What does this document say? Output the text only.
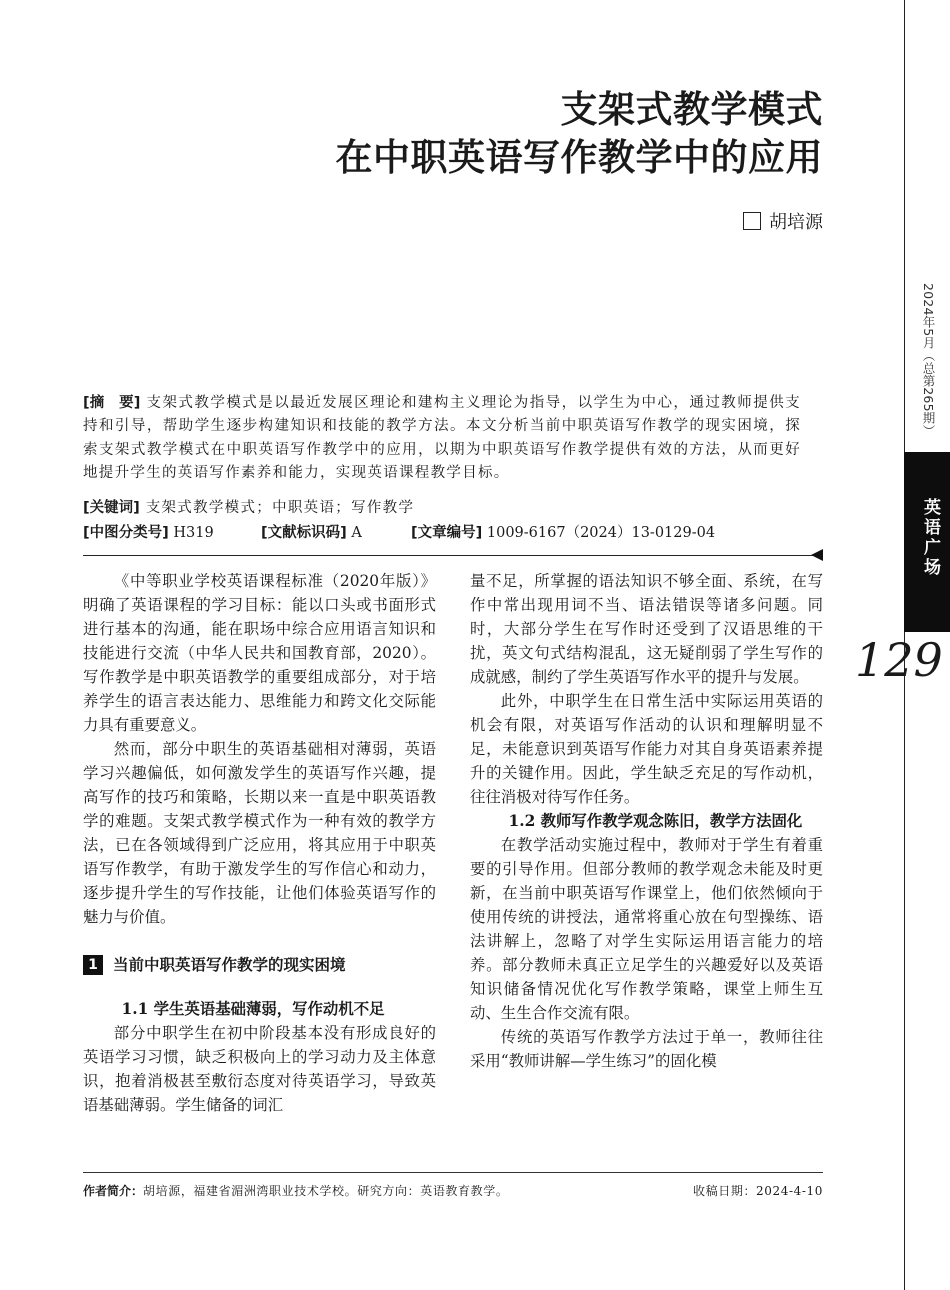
2024年5月（总第265期）
英语广场
129
支架式教学模式
在中职英语写作教学中的应用
胡培源
[摘　要] 支架式教学模式是以最近发展区理论和建构主义理论为指导，以学生为中心，通过教师提供支持和引导，帮助学生逐步构建知识和技能的教学方法。本文分析当前中职英语写作教学的现实困境，探索支架式教学模式在中职英语写作教学中的应用，以期为中职英语写作教学提供有效的方法，从而更好地提升学生的英语写作素养和能力，实现英语课程教学目标。
[关键词] 支架式教学模式；中职英语；写作教学
[中图分类号] H319	[文献标识码] A	[文章编号] 1009-6167（2024）13-0129-04

《中等职业学校英语课程标准（2020年版）》明确了英语课程的学习目标：能以口头或书面形式进行基本的沟通，能在职场中综合应用语言知识和技能进行交流（中华人民共和国教育部，2020）。写作教学是中职英语教学的重要组成部分，对于培养学生的语言表达能力、思维能力和跨文化交际能力具有重要意义。

然而，部分中职生的英语基础相对薄弱，英语学习兴趣偏低，如何激发学生的英语写作兴趣，提高写作的技巧和策略，长期以来一直是中职英语教学的难题。支架式教学模式作为一种有效的教学方法，已在各领域得到广泛应用，将其应用于中职英语写作教学，有助于激发学生的写作信心和动力，逐步提升学生的写作技能，让他们体验英语写作的魅力与价值。

1 当前中职英语写作教学的现实困境

1.1 学生英语基础薄弱，写作动机不足

部分中职学生在初中阶段基本没有形成良好的英语学习习惯，缺乏积极向上的学习动力及主体意识，抱着消极甚至敷衍态度对待英语学习，导致英语基础薄弱。学生储备的词汇

量不足，所掌握的语法知识不够全面、系统，在写作中常出现用词不当、语法错误等诸多问题。同时，大部分学生在写作时还受到了汉语思维的干扰，英文句式结构混乱，这无疑削弱了学生写作的成就感，制约了学生英语写作水平的提升与发展。

此外，中职学生在日常生活中实际运用英语的机会有限，对英语写作活动的认识和理解明显不足，未能意识到英语写作能力对其自身英语素养提升的关键作用。因此，学生缺乏充足的写作动机，往往消极对待写作任务。

1.2 教师写作教学观念陈旧，教学方法固化

在教学活动实施过程中，教师对于学生有着重要的引导作用。但部分教师的教学观念未能及时更新，在当前中职英语写作课堂上，他们依然倾向于使用传统的讲授法，通常将重心放在句型操练、语法讲解上，忽略了对学生实际运用语言能力的培养。部分教师未真正立足学生的兴趣爱好以及英语知识储备情况优化写作教学策略，课堂上师生互动、生生合作交流有限。

传统的英语写作教学方法过于单一，教师往往采用“教师讲解—学生练习”的固化模

作者简介：胡培源，福建省湄洲湾职业技术学校。研究方向：英语教育教学。	收稿日期：2024-4-10
